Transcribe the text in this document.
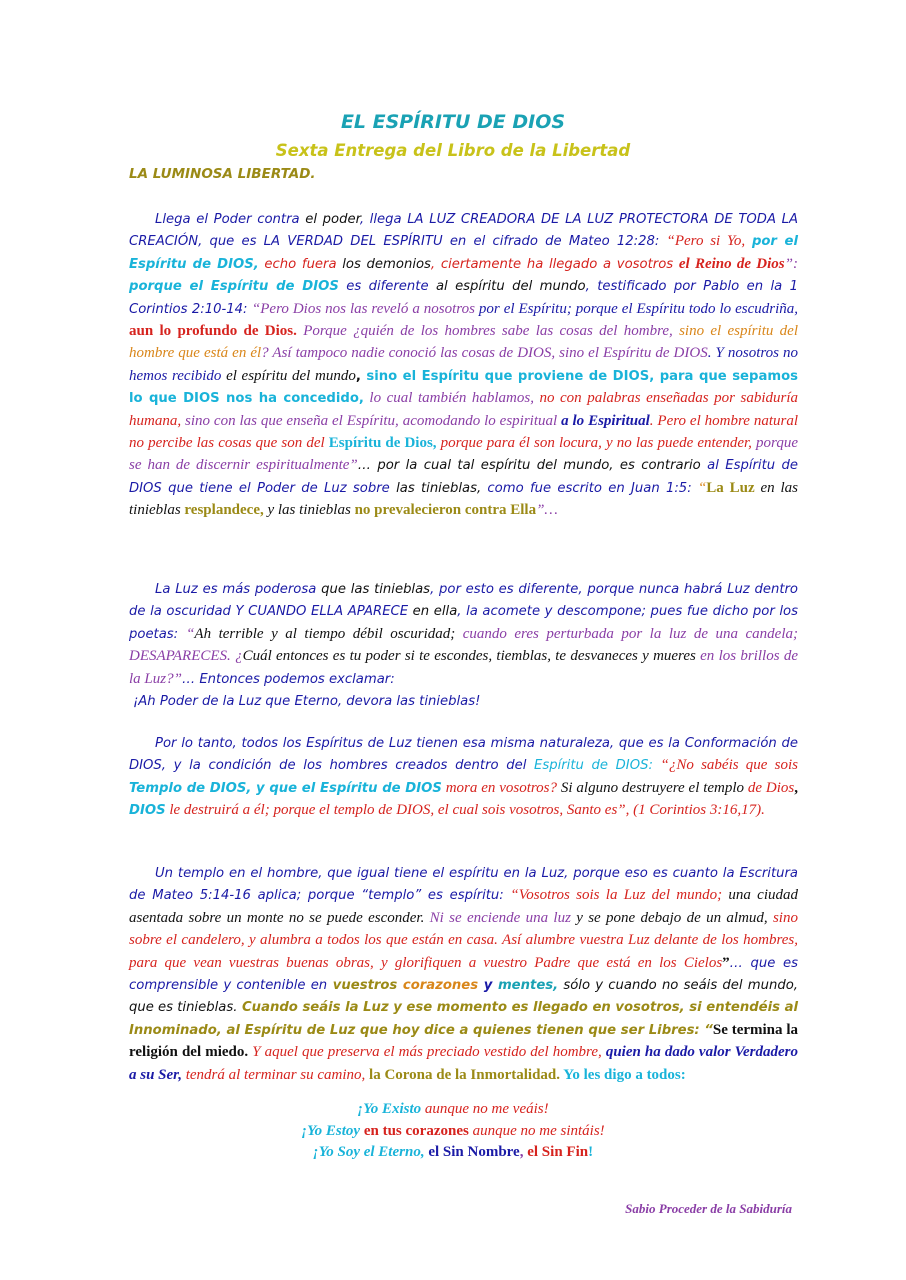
EL ESPÍRITU DE DIOS
Sexta Entrega del Libro de la Libertad
LA LUMINOSA LIBERTAD.

Llega el Poder contra el poder, llega LA LUZ CREADORA DE LA LUZ PROTECTORA DE TODA LA CREACIÓN, que es LA VERDAD DEL ESPÍRITU en el cifrado de Mateo 12:28: “Pero si Yo, por el Espíritu de DIOS, echo fuera los demonios, ciertamente ha llegado a vosotros el Reino de Dios”: porque el Espíritu de DIOS es diferente al espíritu del mundo, testificado por Pablo en la 1 Corintios 2:10-14: “Pero Dios nos las reveló a nosotros por el Espíritu; porque el Espíritu todo lo escudriña, aun lo profundo de Dios. Porque ¿quién de los hombres sabe las cosas del hombre, sino el espíritu del hombre que está en él? Así tampoco nadie conoció las cosas de DIOS, sino el Espíritu de DIOS. Y nosotros no hemos recibido el espíritu del mundo, sino el Espíritu que proviene de DIOS, para que sepamos lo que DIOS nos ha concedido, lo cual también hablamos, no con palabras enseñadas por sabiduría humana, sino con las que enseña el Espíritu, acomodando lo espiritual a lo Espiritual. Pero el hombre natural no percibe las cosas que son del Espíritu de Dios, porque para él son locura, y no las puede entender, porque se han de discernir espiritualmente”… por la cual tal espíritu del mundo, es contrario al Espíritu de DIOS que tiene el Poder de Luz sobre las tinieblas, como fue escrito en Juan 1:5: “La Luz en las tinieblas resplandece, y las tinieblas no prevalecieron contra Ella”…

La Luz es más poderosa que las tinieblas, por esto es diferente, porque nunca habrá Luz dentro de la oscuridad Y CUANDO ELLA APARECE en ella, la acomete y descompone; pues fue dicho por los poetas: “Ah terrible y al tiempo débil oscuridad; cuando eres perturbada por la luz de una candela; DESAPARECES. ¿Cuál entonces es tu poder si te escondes, tiemblas, te desvaneces y mueres en los brillos de la Luz?”… Entonces podemos exclamar:
¡Ah Poder de la Luz que Eterno, devora las tinieblas!

Por lo tanto, todos los Espíritus de Luz tienen esa misma naturaleza, que es la Conformación de DIOS, y la condición de los hombres creados dentro del Espíritu de DIOS: “¿No sabéis que sois Templo de DIOS, y que el Espíritu de DIOS mora en vosotros? Si alguno destruyere el templo de Dios, DIOS le destruirá a él; porque el templo de DIOS, el cual sois vosotros, Santo es”, (1 Corintios 3:16,17).

Un templo en el hombre, que igual tiene el espíritu en la Luz, porque eso es cuanto la Escritura de Mateo 5:14-16 aplica; porque “templo” es espíritu: “Vosotros sois la Luz del mundo; una ciudad asentada sobre un monte no se puede esconder. Ni se enciende una luz y se pone debajo de un almud, sino sobre el candelero, y alumbra a todos los que están en casa. Así alumbre vuestra Luz delante de los hombres, para que vean vuestras buenas obras, y glorifiquen a vuestro Padre que está en los Cielos”… que es comprensible y contenible en vuestros corazones y mentes, sólo y cuando no seáis del mundo, que es tinieblas. Cuando seáis la Luz y ese momento es llegado en vosotros, si entendéis al Innominado, al Espíritu de Luz que hoy dice a quienes tienen que ser Libres: “Se termina la religión del miedo. Y aquel que preserva el más preciado vestido del hombre, quien ha dado valor Verdadero a su Ser, tendrá al terminar su camino, la Corona de la Inmortalidad. Yo les digo a todos:

¡Yo Existo aunque no me veáis!

¡Yo Estoy en tus corazones aunque no me sintáis!

¡Yo Soy el Eterno, el Sin Nombre, el Sin Fin!

Sabio Proceder de la Sabiduría
